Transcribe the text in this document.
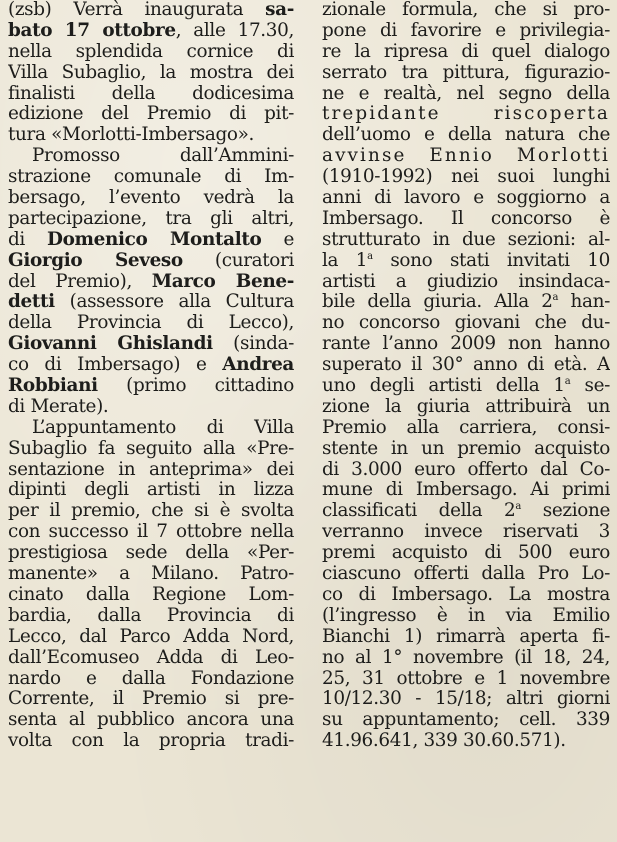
(zsb) Verrà inaugurata sa-
bato 17 ottobre, alle 17.30,
nella splendida cornice di
Villa Subaglio, la mostra dei
finalisti della dodicesima
edizione del Premio di pit-
tura «Morlotti-Imbersago».
Promosso dall’Ammini-
strazione comunale di Im-
bersago, l’evento vedrà la
partecipazione, tra gli altri,
di Domenico Montalto e
Giorgio Seveso (curatori
del Premio), Marco Bene-
detti (assessore alla Cultura
della Provincia di Lecco),
Giovanni Ghislandi (sinda-
co di Imbersago) e Andrea
Robbiani (primo cittadino
di Merate).
L’appuntamento di Villa
Subaglio fa seguito alla «Pre-
sentazione in anteprima» dei
dipinti degli artisti in lizza
per il premio, che si è svolta
con successo il 7 ottobre nella
prestigiosa sede della «Per-
manente» a Milano. Patro-
cinato dalla Regione Lom-
bardia, dalla Provincia di
Lecco, dal Parco Adda Nord,
dall’Ecomuseo Adda di Leo-
nardo e dalla Fondazione
Corrente, il Premio si pre-
senta al pubblico ancora una
volta con la propria tradi-
zionale formula, che si pro-
pone di favorire e privilegia-
re la ripresa di quel dialogo
serrato tra pittura, figurazio-
ne e realtà, nel segno della
trepidante riscoperta
dell’uomo e della natura che
avvinse Ennio Morlotti
(1910-1992) nei suoi lunghi
anni di lavoro e soggiorno a
Imbersago. Il concorso è
strutturato in due sezioni: al-
la 1$^a$ sono stati invitati 10
artisti a giudizio insindaca-
bile della giuria. Alla 2$^a$ han-
no concorso giovani che du-
rante l’anno 2009 non hanno
superato il 30° anno di età. A
uno degli artisti della 1$^a$ se-
zione la giuria attribuirà un
Premio alla carriera, consi-
stente in un premio acquisto
di 3.000 euro offerto dal Co-
mune di Imbersago. Ai primi
classificati della 2$^a$ sezione
verranno invece riservati 3
premi acquisto di 500 euro
ciascuno offerti dalla Pro Lo-
co di Imbersago. La mostra
(l’ingresso è in via Emilio
Bianchi 1) rimarrà aperta fi-
no al 1° novembre (il 18, 24,
25, 31 ottobre e 1 novembre
10/12.30 - 15/18; altri giorni
su appuntamento; cell. 339
41.96.641, 339 30.60.571).
